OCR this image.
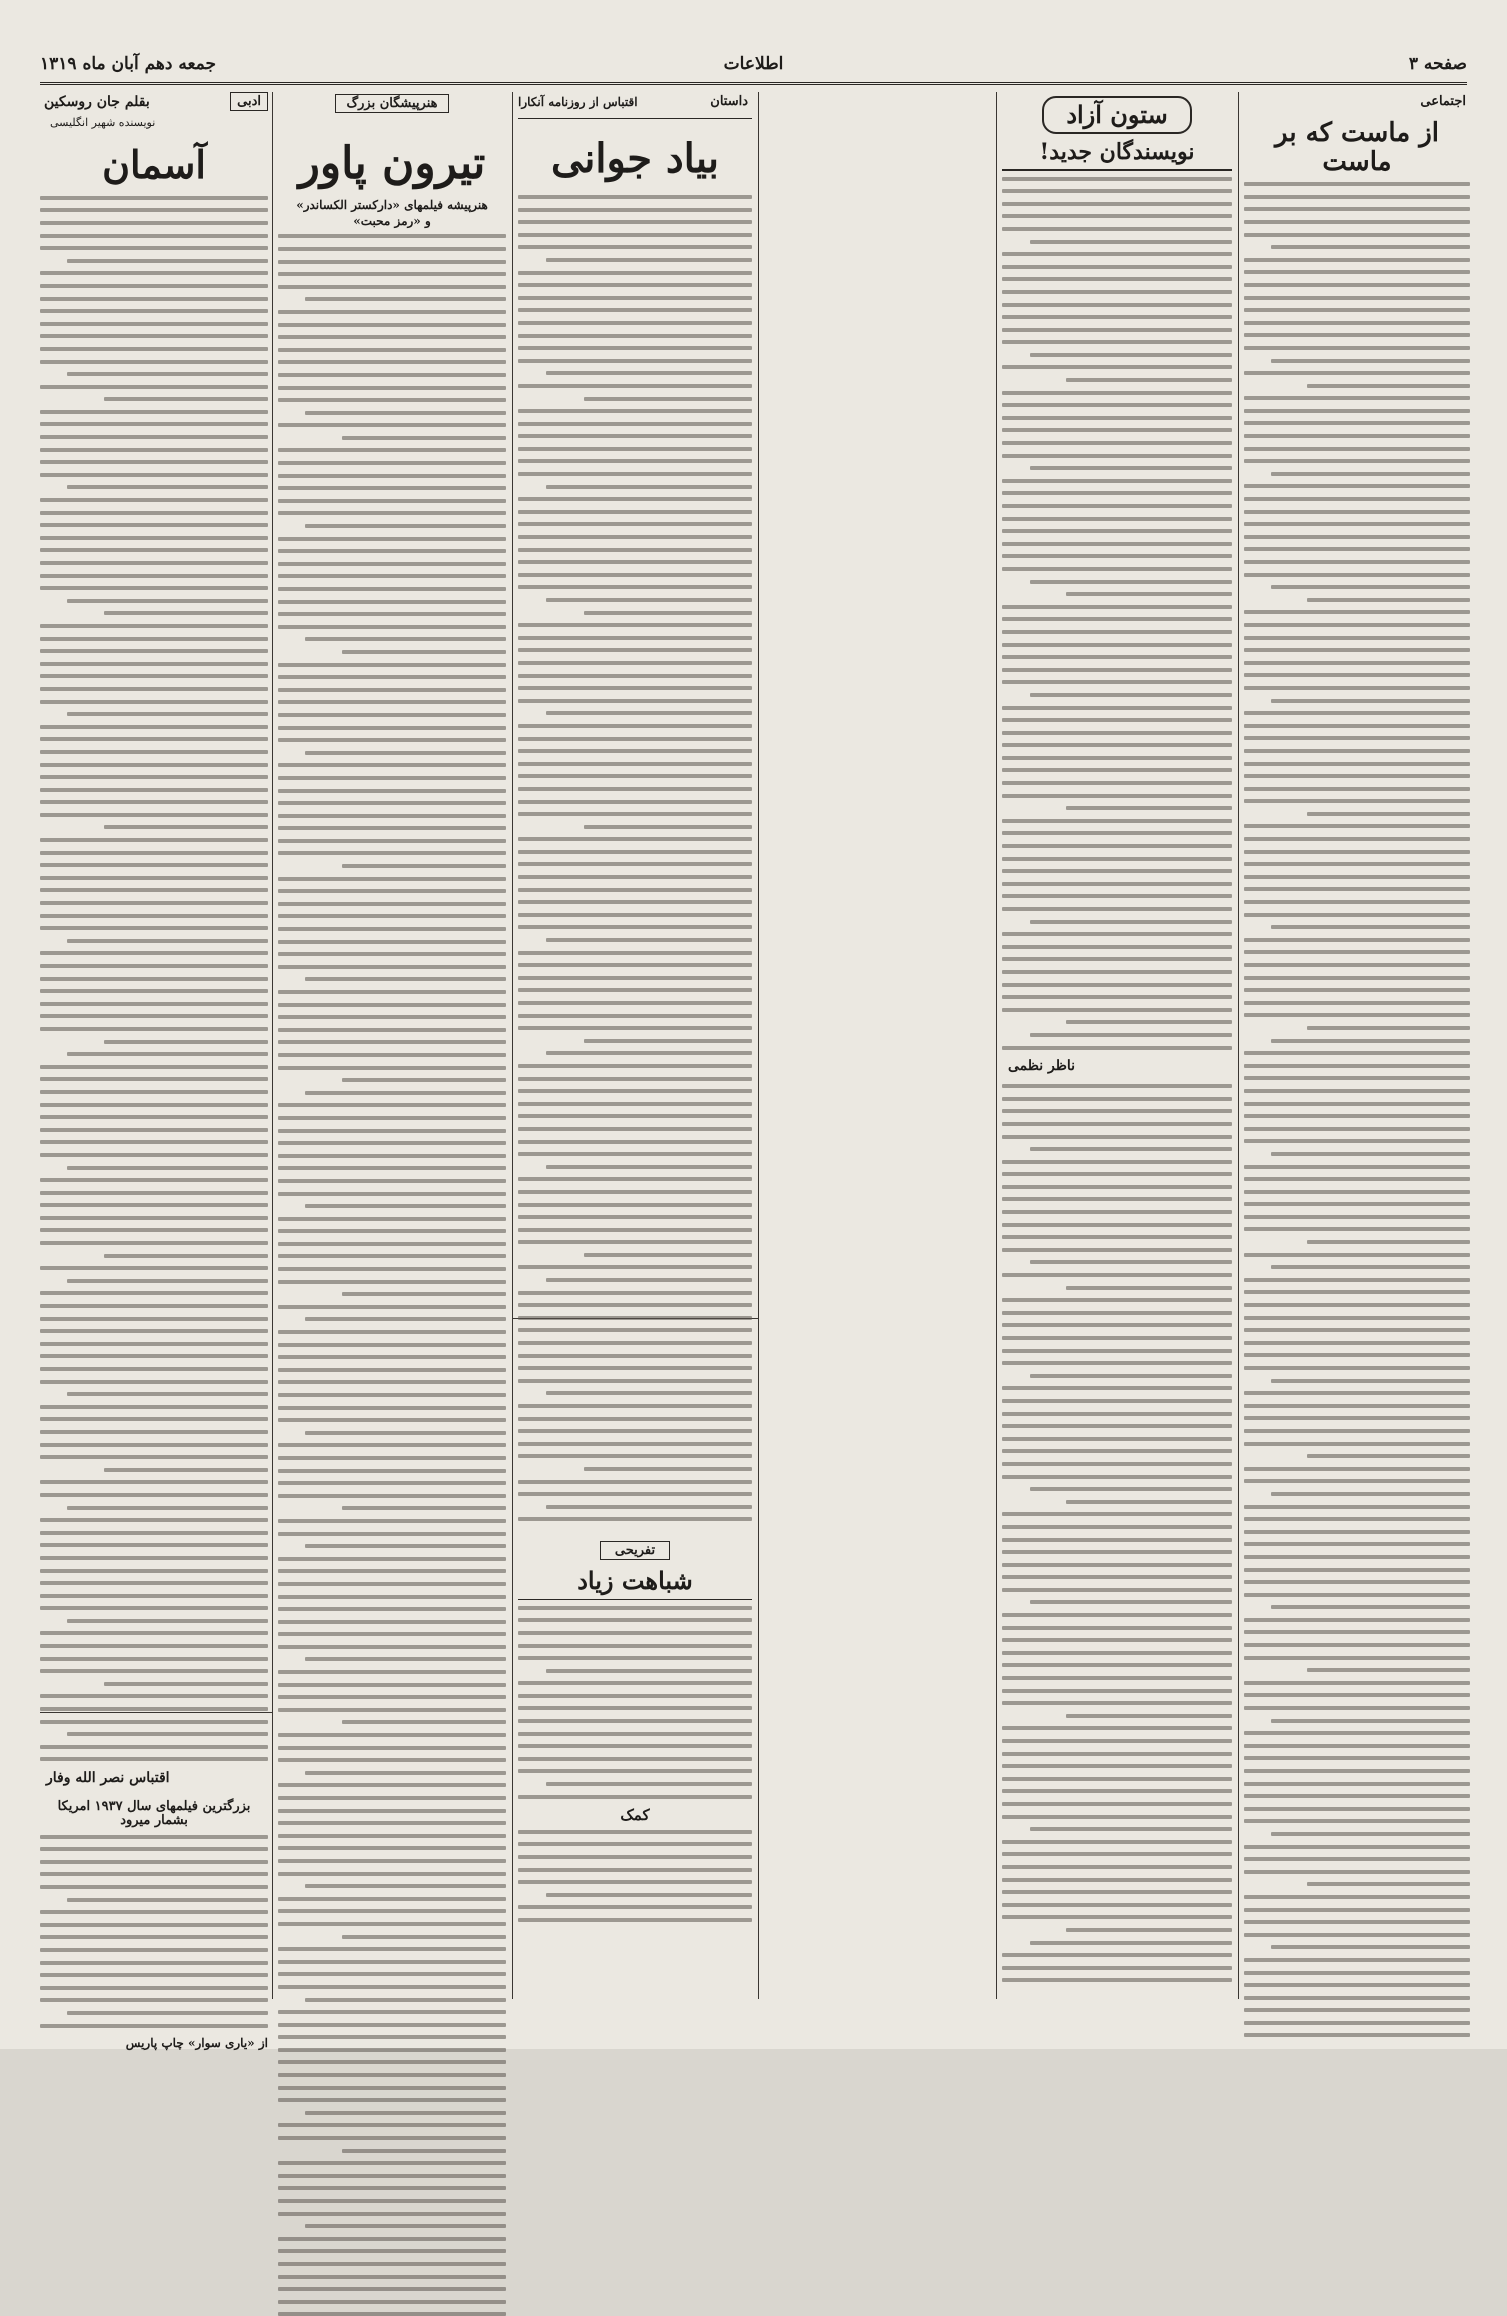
صفحه ۳
اطلاعات
جمعه دهم آبان ماه ۱۳۱۹
اجتماعی
از ماست که بر ماست
ستون آزاد
نویسندگان جدید!
ناظر نظمی
داستان
اقتباس از روزنامه آنکارا
بیاد جوانی
تفریحی
شباهت زیاد
کمک
هنرپیشگان بزرگ
تیرون پاور
هنرپیشه فیلمهای «دارکستر الکساندر»
و «رمز محبت»
ادبی
بقلم جان روسکین
نویسنده شهیر انگلیسی
آسمان
اقتباس نصر الله وفار
بزرگترین فیلمهای سال ۱۹۳۷ امریکا بشمار میرود
از «یاری سوار» چاپ پاریس
